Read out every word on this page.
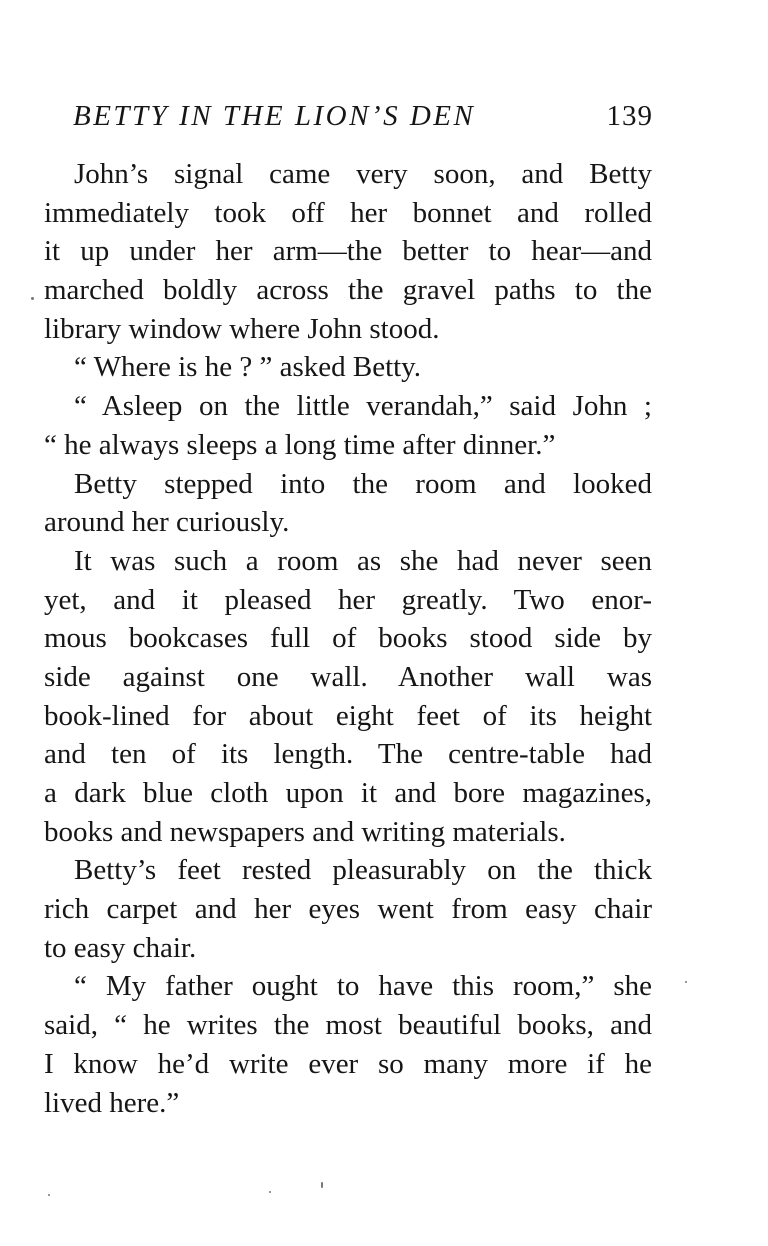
BETTY IN THE LION’S DEN	139
John’s signal came very soon, and Betty
immediately took off her bonnet and rolled
it up under her arm—the better to hear—and
marched boldly across the gravel paths to the
library window where John stood.
“ Where is he ? ” asked Betty.
“ Asleep on the little verandah,” said John ;
“ he always sleeps a long time after dinner.”
Betty stepped into the room and looked
around her curiously.
It was such a room as she had never seen
yet, and it pleased her greatly. Two enor-
mous bookcases full of books stood side by
side against one wall. Another wall was
book-lined for about eight feet of its height
and ten of its length. The centre-table had
a dark blue cloth upon it and bore magazines,
books and newspapers and writing materials.
Betty’s feet rested pleasurably on the thick
rich carpet and her eyes went from easy chair
to easy chair.
“ My father ought to have this room,” she
said, “ he writes the most beautiful books, and
I know he’d write ever so many more if he
lived here.”
